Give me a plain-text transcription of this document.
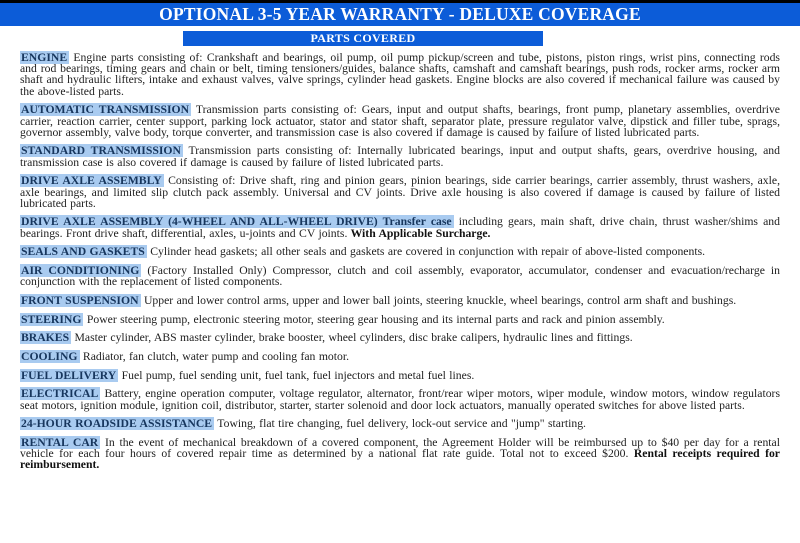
OPTIONAL 3-5 YEAR WARRANTY - DELUXE COVERAGE
PARTS COVERED

ENGINE Engine parts consisting of: Crankshaft and bearings, oil pump, oil pump pickup/screen and tube, pistons, piston rings, wrist pins, connecting rods and rod bearings, timing gears and chain or belt, timing tensioners/guides, balance shafts, camshaft and camshaft bearings, push rods, rocker arms, rocker arm shaft and hydraulic lifters, intake and exhaust valves, valve springs, cylinder head gaskets. Engine blocks are also covered if mechanical failure was caused by the above-listed parts.

AUTOMATIC TRANSMISSION Transmission parts consisting of: Gears, input and output shafts, bearings, front pump, planetary assemblies, overdrive carrier, reaction carrier, center support, parking lock actuator, stator and stator shaft, separator plate, pressure regulator valve, dipstick and filler tube, sprags, governor assembly, valve body, torque converter, and transmission case is also covered if damage is caused by failure of listed lubricated parts.

STANDARD TRANSMISSION Transmission parts consisting of: Internally lubricated bearings, input and output shafts, gears, overdrive housing, and transmission case is also covered if damage is caused by failure of listed lubricated parts.

DRIVE AXLE ASSEMBLY Consisting of: Drive shaft, ring and pinion gears, pinion bearings, side carrier bearings, carrier assembly, thrust washers, axle, axle bearings, and limited slip clutch pack assembly. Universal and CV joints. Drive axle housing is also covered if damage is caused by failure of listed lubricated parts.

DRIVE AXLE ASSEMBLY (4-WHEEL AND ALL-WHEEL DRIVE) Transfer case including gears, main shaft, drive chain, thrust washer/shims and bearings. Front drive shaft, differential, axles, u-joints and CV joints. With Applicable Surcharge.

SEALS AND GASKETS Cylinder head gaskets; all other seals and gaskets are covered in conjunction with repair of above-listed components.

AIR CONDITIONING (Factory Installed Only) Compressor, clutch and coil assembly, evaporator, accumulator, condenser and evacuation/recharge in conjunction with the replacement of listed components.

FRONT SUSPENSION Upper and lower control arms, upper and lower ball joints, steering knuckle, wheel bearings, control arm shaft and bushings.

STEERING Power steering pump, electronic steering motor, steering gear housing and its internal parts and rack and pinion assembly.

BRAKES Master cylinder, ABS master cylinder, brake booster, wheel cylinders, disc brake calipers, hydraulic lines and fittings.

COOLING Radiator, fan clutch, water pump and cooling fan motor.

FUEL DELIVERY Fuel pump, fuel sending unit, fuel tank, fuel injectors and metal fuel lines.

ELECTRICAL Battery, engine operation computer, voltage regulator, alternator, front/rear wiper motors, wiper module, window motors, window regulators seat motors, ignition module, ignition coil, distributor, starter, starter solenoid and door lock actuators, manually operated switches for above listed parts.

24-HOUR ROADSIDE ASSISTANCE Towing, flat tire changing, fuel delivery, lock-out service and "jump" starting.

RENTAL CAR In the event of mechanical breakdown of a covered component, the Agreement Holder will be reimbursed up to $40 per day for a rental vehicle for each four hours of covered repair time as determined by a national flat rate guide. Total not to exceed $200. Rental receipts required for reimbursement.
